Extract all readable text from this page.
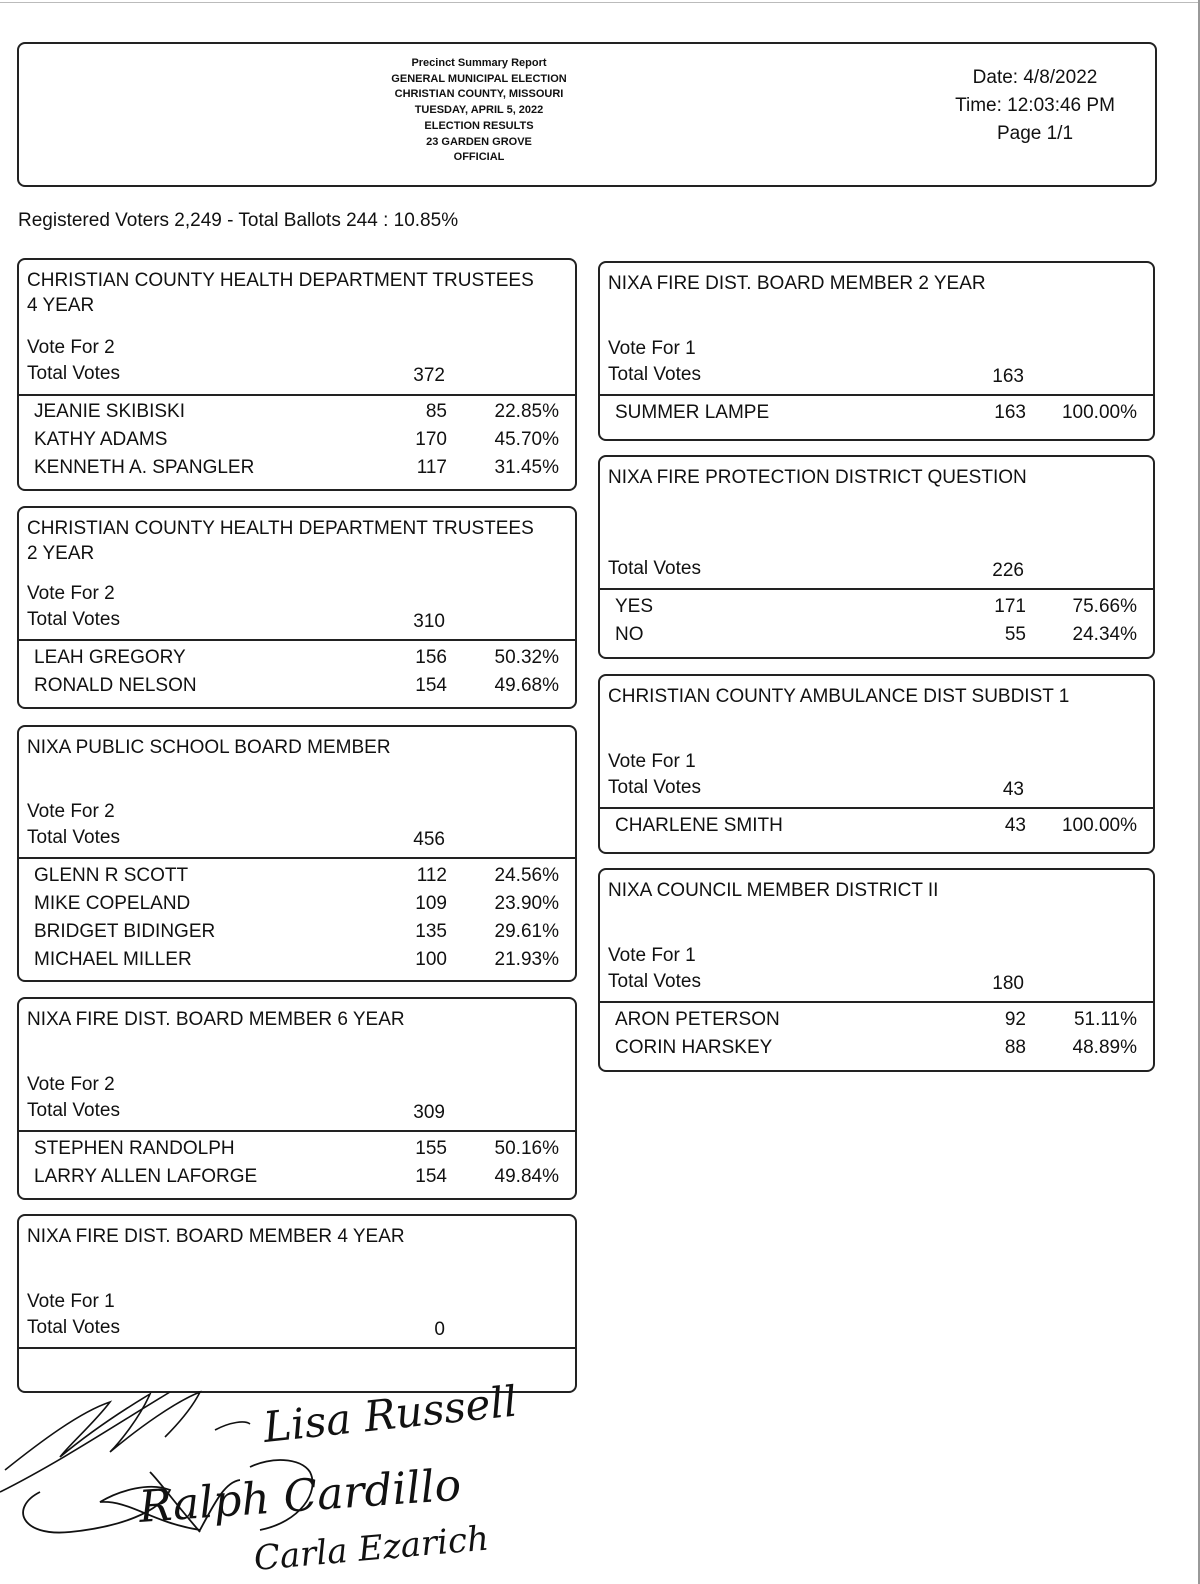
Precinct Summary Report
GENERAL MUNICIPAL ELECTION
CHRISTIAN COUNTY, MISSOURI
TUESDAY, APRIL 5, 2022
ELECTION RESULTS
23 GARDEN GROVE
OFFICIAL
Date: 4/8/2022
Time: 12:03:46 PM
Page 1/1
Registered Voters 2,249 - Total Ballots 244 : 10.85%
CHRISTIAN COUNTY HEALTH DEPARTMENT TRUSTEES
4 YEAR
Vote For 2
Total Votes	372
JEANIE SKIBISKI	85	22.85%
KATHY ADAMS	170	45.70%
KENNETH A. SPANGLER	117	31.45%
CHRISTIAN COUNTY HEALTH DEPARTMENT TRUSTEES
2 YEAR
Vote For 2
Total Votes	310
LEAH GREGORY	156	50.32%
RONALD NELSON	154	49.68%
NIXA PUBLIC SCHOOL BOARD MEMBER
Vote For 2
Total Votes	456
GLENN R SCOTT	112	24.56%
MIKE COPELAND	109	23.90%
BRIDGET BIDINGER	135	29.61%
MICHAEL MILLER	100	21.93%
NIXA FIRE DIST. BOARD MEMBER 6 YEAR
Vote For 2
Total Votes	309
STEPHEN RANDOLPH	155	50.16%
LARRY ALLEN LAFORGE	154	49.84%
NIXA FIRE DIST. BOARD MEMBER 4 YEAR
Vote For 1
Total Votes	0
NIXA FIRE DIST. BOARD MEMBER 2 YEAR
Vote For 1
Total Votes	163
SUMMER LAMPE	163	100.00%
NIXA FIRE PROTECTION DISTRICT QUESTION
Total Votes	226
YES	171	75.66%
NO	55	24.34%
CHRISTIAN COUNTY AMBULANCE DIST SUBDIST 1
Vote For 1
Total Votes	43
CHARLENE SMITH	43	100.00%
NIXA COUNCIL MEMBER DISTRICT II
Vote For 1
Total Votes	180
ARON PETERSON	92	51.11%
CORIN HARSKEY	88	48.89%
Lisa Russell
Ralph Cardillo
Carla Ezarich
